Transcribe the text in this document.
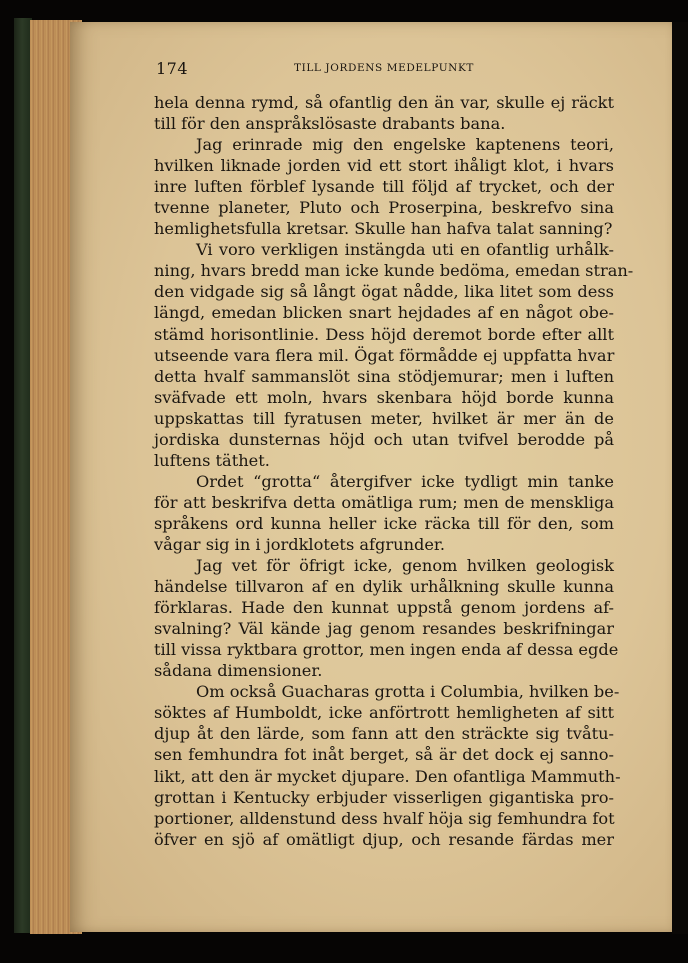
174	TILL JORDENS MEDELPUNKT
hela denna rymd, så ofantlig den än var, skulle ej räckt
till för den anspråkslösaste drabants bana.
Jag erinrade mig den engelske kaptenens teori,
hvilken liknade jorden vid ett stort ihåligt klot, i hvars
inre luften förblef lysande till följd af trycket, och der
tvenne planeter, Pluto och Proserpina, beskrefvo sina
hemlighetsfulla kretsar. Skulle han hafva talat sanning?
Vi voro verkligen instängda uti en ofantlig urhålk-
ning, hvars bredd man icke kunde bedöma, emedan stran-
den vidgade sig så långt ögat nådde, lika litet som dess
längd, emedan blicken snart hejdades af en något obe-
stämd horisontlinie. Dess höjd deremot borde efter allt
utseende vara flera mil. Ögat förmådde ej uppfatta hvar
detta hvalf sammanslöt sina stödjemurar; men i luften
sväfvade ett moln, hvars skenbara höjd borde kunna
uppskattas till fyratusen meter, hvilket är mer än de
jordiska dunsternas höjd och utan tvifvel berodde på
luftens täthet.
Ordet “grotta“ återgifver icke tydligt min tanke
för att beskrifva detta omätliga rum; men de menskliga
språkens ord kunna heller icke räcka till för den, som
vågar sig in i jordklotets afgrunder.
Jag vet för öfrigt icke, genom hvilken geologisk
händelse tillvaron af en dylik urhålkning skulle kunna
förklaras. Hade den kunnat uppstå genom jordens af-
svalning? Väl kände jag genom resandes beskrifningar
till vissa ryktbara grottor, men ingen enda af dessa egde
sådana dimensioner.
Om också Guacharas grotta i Columbia, hvilken be-
söktes af Humboldt, icke anförtrott hemligheten af sitt
djup åt den lärde, som fann att den sträckte sig tvåtu-
sen femhundra fot inåt berget, så är det dock ej sanno-
likt, att den är mycket djupare. Den ofantliga Mammuth-
grottan i Kentucky erbjuder visserligen gigantiska pro-
portioner, alldenstund dess hvalf höja sig femhundra fot
öfver en sjö af omätligt djup, och resande färdas mer
